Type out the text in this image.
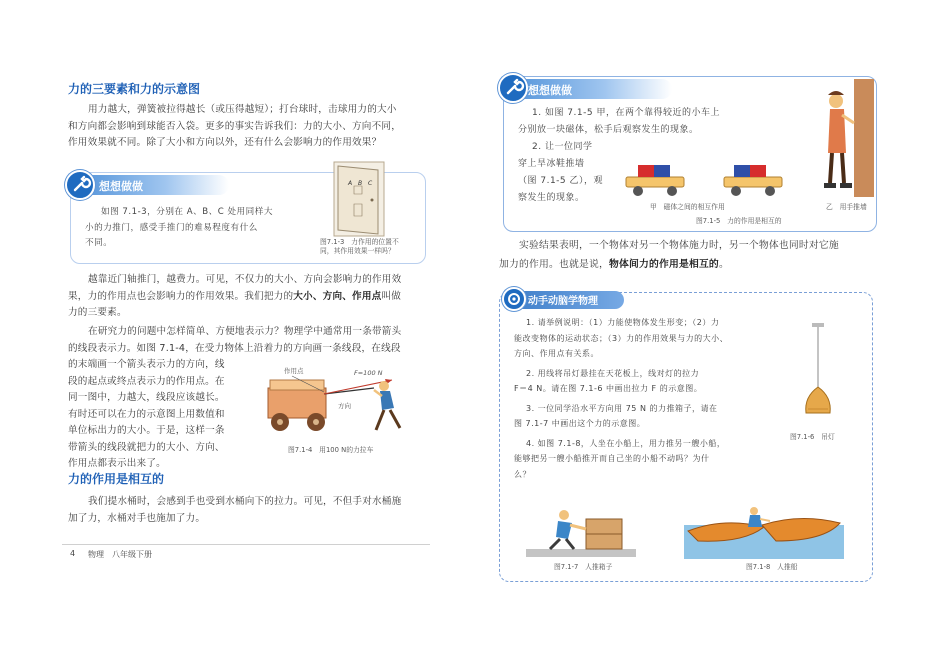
力的三要素和力的示意图
用力越大，弹簧被拉得越长（或压得越短）；打台球时，击球用力的大小
和方向都会影响到球能否入袋。更多的事实告诉我们：力的大小、方向不同，
作用效果就不同。除了大小和方向以外，还有什么会影响力的作用效果？
想想做做
如图 7.1-3，分别在 A、B、C 处用同样大
小的力推门，感受手推门的难易程度有什么
不同。
A B C
图7.1-3　力作用的位置不
同，其作用效果一样吗？
越靠近门轴推门，越费力。可见，不仅力的大小、方向会影响力的作用效
果，力的作用点也会影响力的作用效果。我们把力的大小、方向、作用点叫做
力的三要素。
在研究力的问题中怎样简单、方便地表示力？物理学中通常用一条带箭头
的线段表示力。如图 7.1-4，在受力物体上沿着力的方向画一条线段，在线段
的末端画一个箭头表示力的方向，线
段的起点或终点表示力的作用点。在
同一图中，力越大，线段应该越长。
有时还可以在力的示意图上用数值和
单位标出力的大小。于是，这样一条
带箭头的线段就把力的大小、方向、
作用点都表示出来了。
作用点	F=100 N
方向
图7.1-4　用100 N的力拉车
力的作用是相互的
我们提水桶时，会感到手也受到水桶向下的拉力。可见，不但手对水桶施
加了力，水桶对手也施加了力。
4 物理　八年级下册
想想做做
1. 如图 7.1-5 甲，在两个靠得较近的小车上
分别放一块磁体，松手后观察发生的现象。
2. 让一位同学
穿上旱冰鞋推墙
（图 7.1-5 乙），观
察发生的现象。
甲　磁体之间的相互作用	乙　用手推墙
图7.1-5　力的作用是相互的
实验结果表明，一个物体对另一个物体施力时，另一个物体也同时对它施
加力的作用。也就是说，物体间力的作用是相互的。
动手动脑学物理
1. 请举例说明：（1）力能使物体发生形变；（2）力
能改变物体的运动状态；（3）力的作用效果与力的大小、
方向、作用点有关系。
2. 用线将吊灯悬挂在天花板上，线对灯的拉力
F＝4 N。请在图 7.1-6 中画出拉力 F 的示意图。
3. 一位同学沿水平方向用 75 N 的力推箱子，请在
图 7.1-7 中画出这个力的示意图。
4. 如图 7.1-8，人坐在小船上，用力推另一艘小船，
能够把另一艘小船推开而自己坐的小船不动吗？为什
么？
图7.1-6　吊灯
图7.1-7　人推箱子	图7.1-8　人推船
